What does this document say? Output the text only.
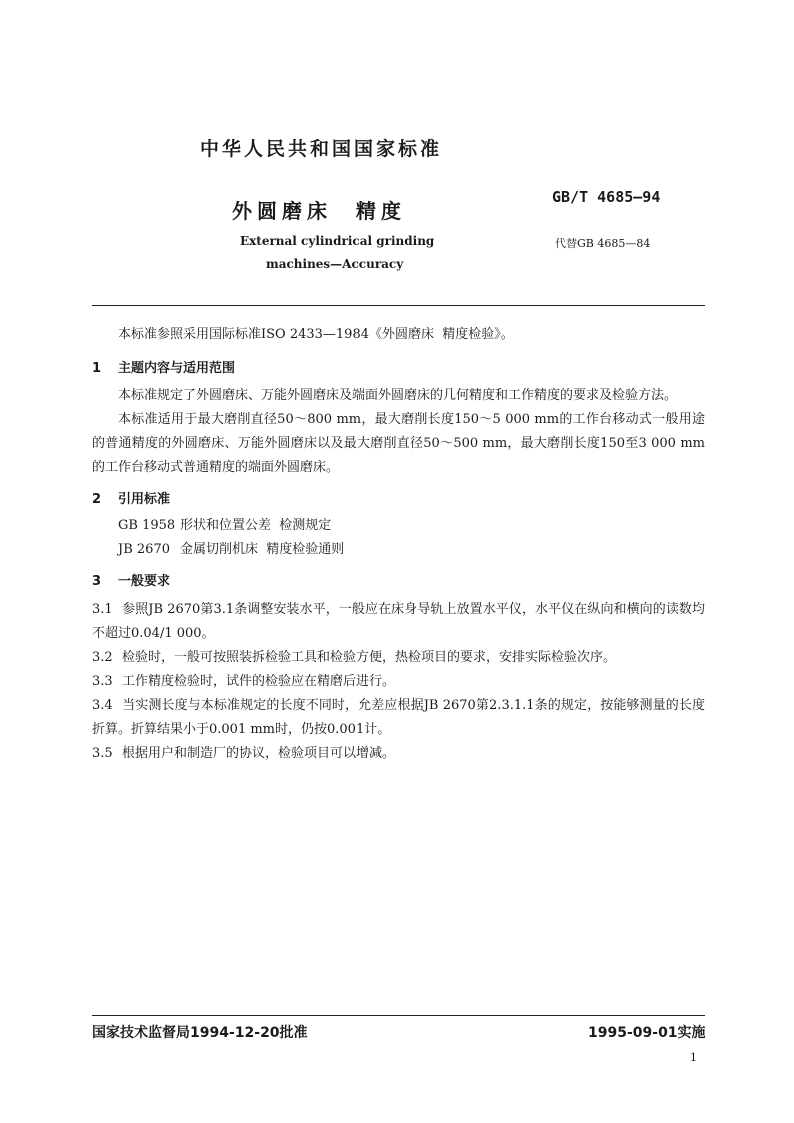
中华人民共和国国家标准
外圆磨床  精度
GB/T 4685—94
External cylindrical grinding
machines—Accuracy
代替GB 4685—84
本标准参照采用国际标准ISO 2433—1984《外圆磨床  精度检验》。
1 主题内容与适用范围
本标准规定了外圆磨床、万能外圆磨床及端面外圆磨床的几何精度和工作精度的要求及检验方法。
本标准适用于最大磨削直径50～800 mm，最大磨削长度150～5 000 mm的工作台移动式一般用途的普通精度的外圆磨床、万能外圆磨床以及最大磨削直径50～500 mm，最大磨削长度150至3 000 mm的工作台移动式普通精度的端面外圆磨床。
2 引用标准
GB 1958 形状和位置公差  检测规定
JB 2670 金属切削机床  精度检验通则
3 一般要求
3.1 参照JB 2670第3.1条调整安装水平，一般应在床身导轨上放置水平仪，水平仪在纵向和横向的读数均不超过0.04/1 000。
3.2 检验时，一般可按照装拆检验工具和检验方便，热检项目的要求，安排实际检验次序。
3.3 工作精度检验时，试件的检验应在精磨后进行。
3.4 当实测长度与本标准规定的长度不同时，允差应根据JB 2670第2.3.1.1条的规定，按能够测量的长度折算。折算结果小于0.001 mm时，仍按0.001计。
3.5 根据用户和制造厂的协议，检验项目可以增减。
国家技术监督局1994-12-20批准	1995-09-01实施
1
